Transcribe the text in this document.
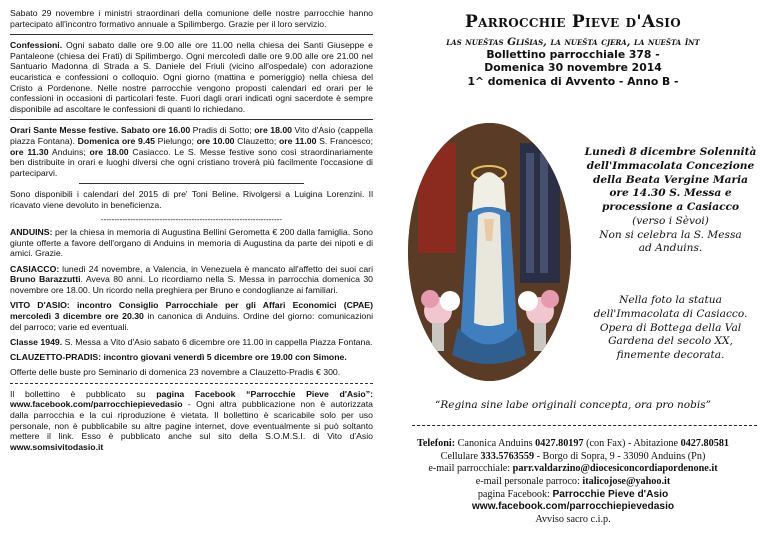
Sabato 29 novembre i ministri straordinari della comunione delle nostre parrocchie hanno partecipato all'incontro formativo annuale a Spilimbergo. Grazie per il loro servizio.

Confessioni. Ogni sabato dalle ore 9.00 alle ore 11.00 nella chiesa dei Santi Giuseppe e Pantaleone (chiesa dei Frati) di Spilimbergo. Ogni mercoledì dalle ore 9.00 alle ore 21.00 nel Santuario Madonna di Strada a S. Daniele del Friuli (vicino all'ospedale) con adorazione eucaristica e confessioni o colloquio. Ogni giorno (mattina e pomeriggio) nella chiesa del Cristo a Pordenone. Nelle nostre parrocchie vengono proposti calendari ed orari per le confessioni in occasioni di particolari feste. Fuori dagli orari indicati ogni sacerdote è sempre disponibile ad ascoltare le confessioni di quanti lo richiedano.

Orari Sante Messe festive. Sabato ore 16.00 Pradis di Sotto; ore 18.00 Vito d'Asio (cappella piazza Fontana). Domenica ore 9.45 Pielungo; ore 10.00 Clauzetto; ore 11.00 S. Francesco; ore 11.30 Anduins; ore 18.00 Casiacco. Le S. Messe festive sono così straordinariamente ben distribuite in orari e luoghi diversi che ogni cristiano troverà più facilmente l'occasione di parteciparvi.

Sono disponibili i calendari del 2015 di pre' Toni Beline. Rivolgersi a Luigina Lorenzini. Il ricavato viene devoluto in beneficienza.

--------------------------------------------------------------------

ANDUINS: per la chiesa in memoria di Augustina Bellini Gerometta € 200 dalla famiglia. Sono giunte offerte a favore dell'organo di Anduins in memoria di Augustina da parte dei nipoti e di amici. Grazie.

CASIACCO: lunedì 24 novembre, a Valencia, in Venezuela è mancato all'affetto dei suoi cari Bruno Barazzutti. Aveva 80 anni. Lo ricordiamo nella S. Messa in parrocchia domenica 30 novembre ore 18.00. Un ricordo nella preghiera per Bruno e condoglianze ai familiari.

VITO D'ASIO: incontro Consiglio Parrocchiale per gli Affari Economici (CPAE) mercoledì 3 dicembre ore 20.30 in canonica di Anduins. Ordine del giorno: comunicazioni del parroco; varie ed eventuali.

Classe 1949. S. Messa a Vito d'Asio sabato 6 dicembre ore 11.00 in cappella Piazza Fontana.

CLAUZETTO-PRADIS: incontro giovani venerdì 5 dicembre ore 19.00 con Simone.

Offerte delle buste pro Seminario di domenica 23 novembre a Clauzetto-Pradis € 300.

Il bollettino è pubblicato su pagina Facebook “Parrocchie Pieve d'Asio”: www.facebook.com/parrocchiepievedasio - Ogni altra pubblicazione non è autorizzata dalla parrocchia e la cui riproduzione è vietata. Il bollettino è scaricabile solo per uso personale, non è pubblicabile su altre pagine internet, dove eventualmente si può soltanto mettere il link. Esso è pubblicato anche sul sito della S.O.M.S.I. di Vito d'Asio www.somsivitodasio.it

Parrocchie Pieve d'Asio
las nueštas Glišias, la nuešta cjera, la nuešta înt
Bollettino parrocchiale 378 -
Domenica 30 novembre 2014
1^ domenica di Avvento - Anno B -
Lunedì 8 dicembre Solennità
dell'Immacolata Concezione
della Beata Vergine Maria
ore 14.30 S. Messa e
processione a Casiacco
(verso i Sèvoi)
Non si celebra la S. Messa
ad Anduins.
Nella foto la statua
dell'Immacolata di Casiacco.
Opera di Bottega della Val
Gardena del secolo XX,
finemente decorata.
“Regina sine labe originali concepta, ora pro nobis”
Telefoni: Canonica Anduins 0427.80197 (con Fax) - Abitazione 0427.80581
Cellulare 333.5763559 - Borgo di Sopra, 9 - 33090 Anduins (Pn)
e-mail parrocchiale: parr.valdarzino@diocesiconcordiapordenone.it
e-mail personale parroco: italicojose@yahoo.it
pagina Facebook: Parrocchie Pieve d'Asio
www.facebook.com/parrocchiepievedasio
Avviso sacro c.i.p.
